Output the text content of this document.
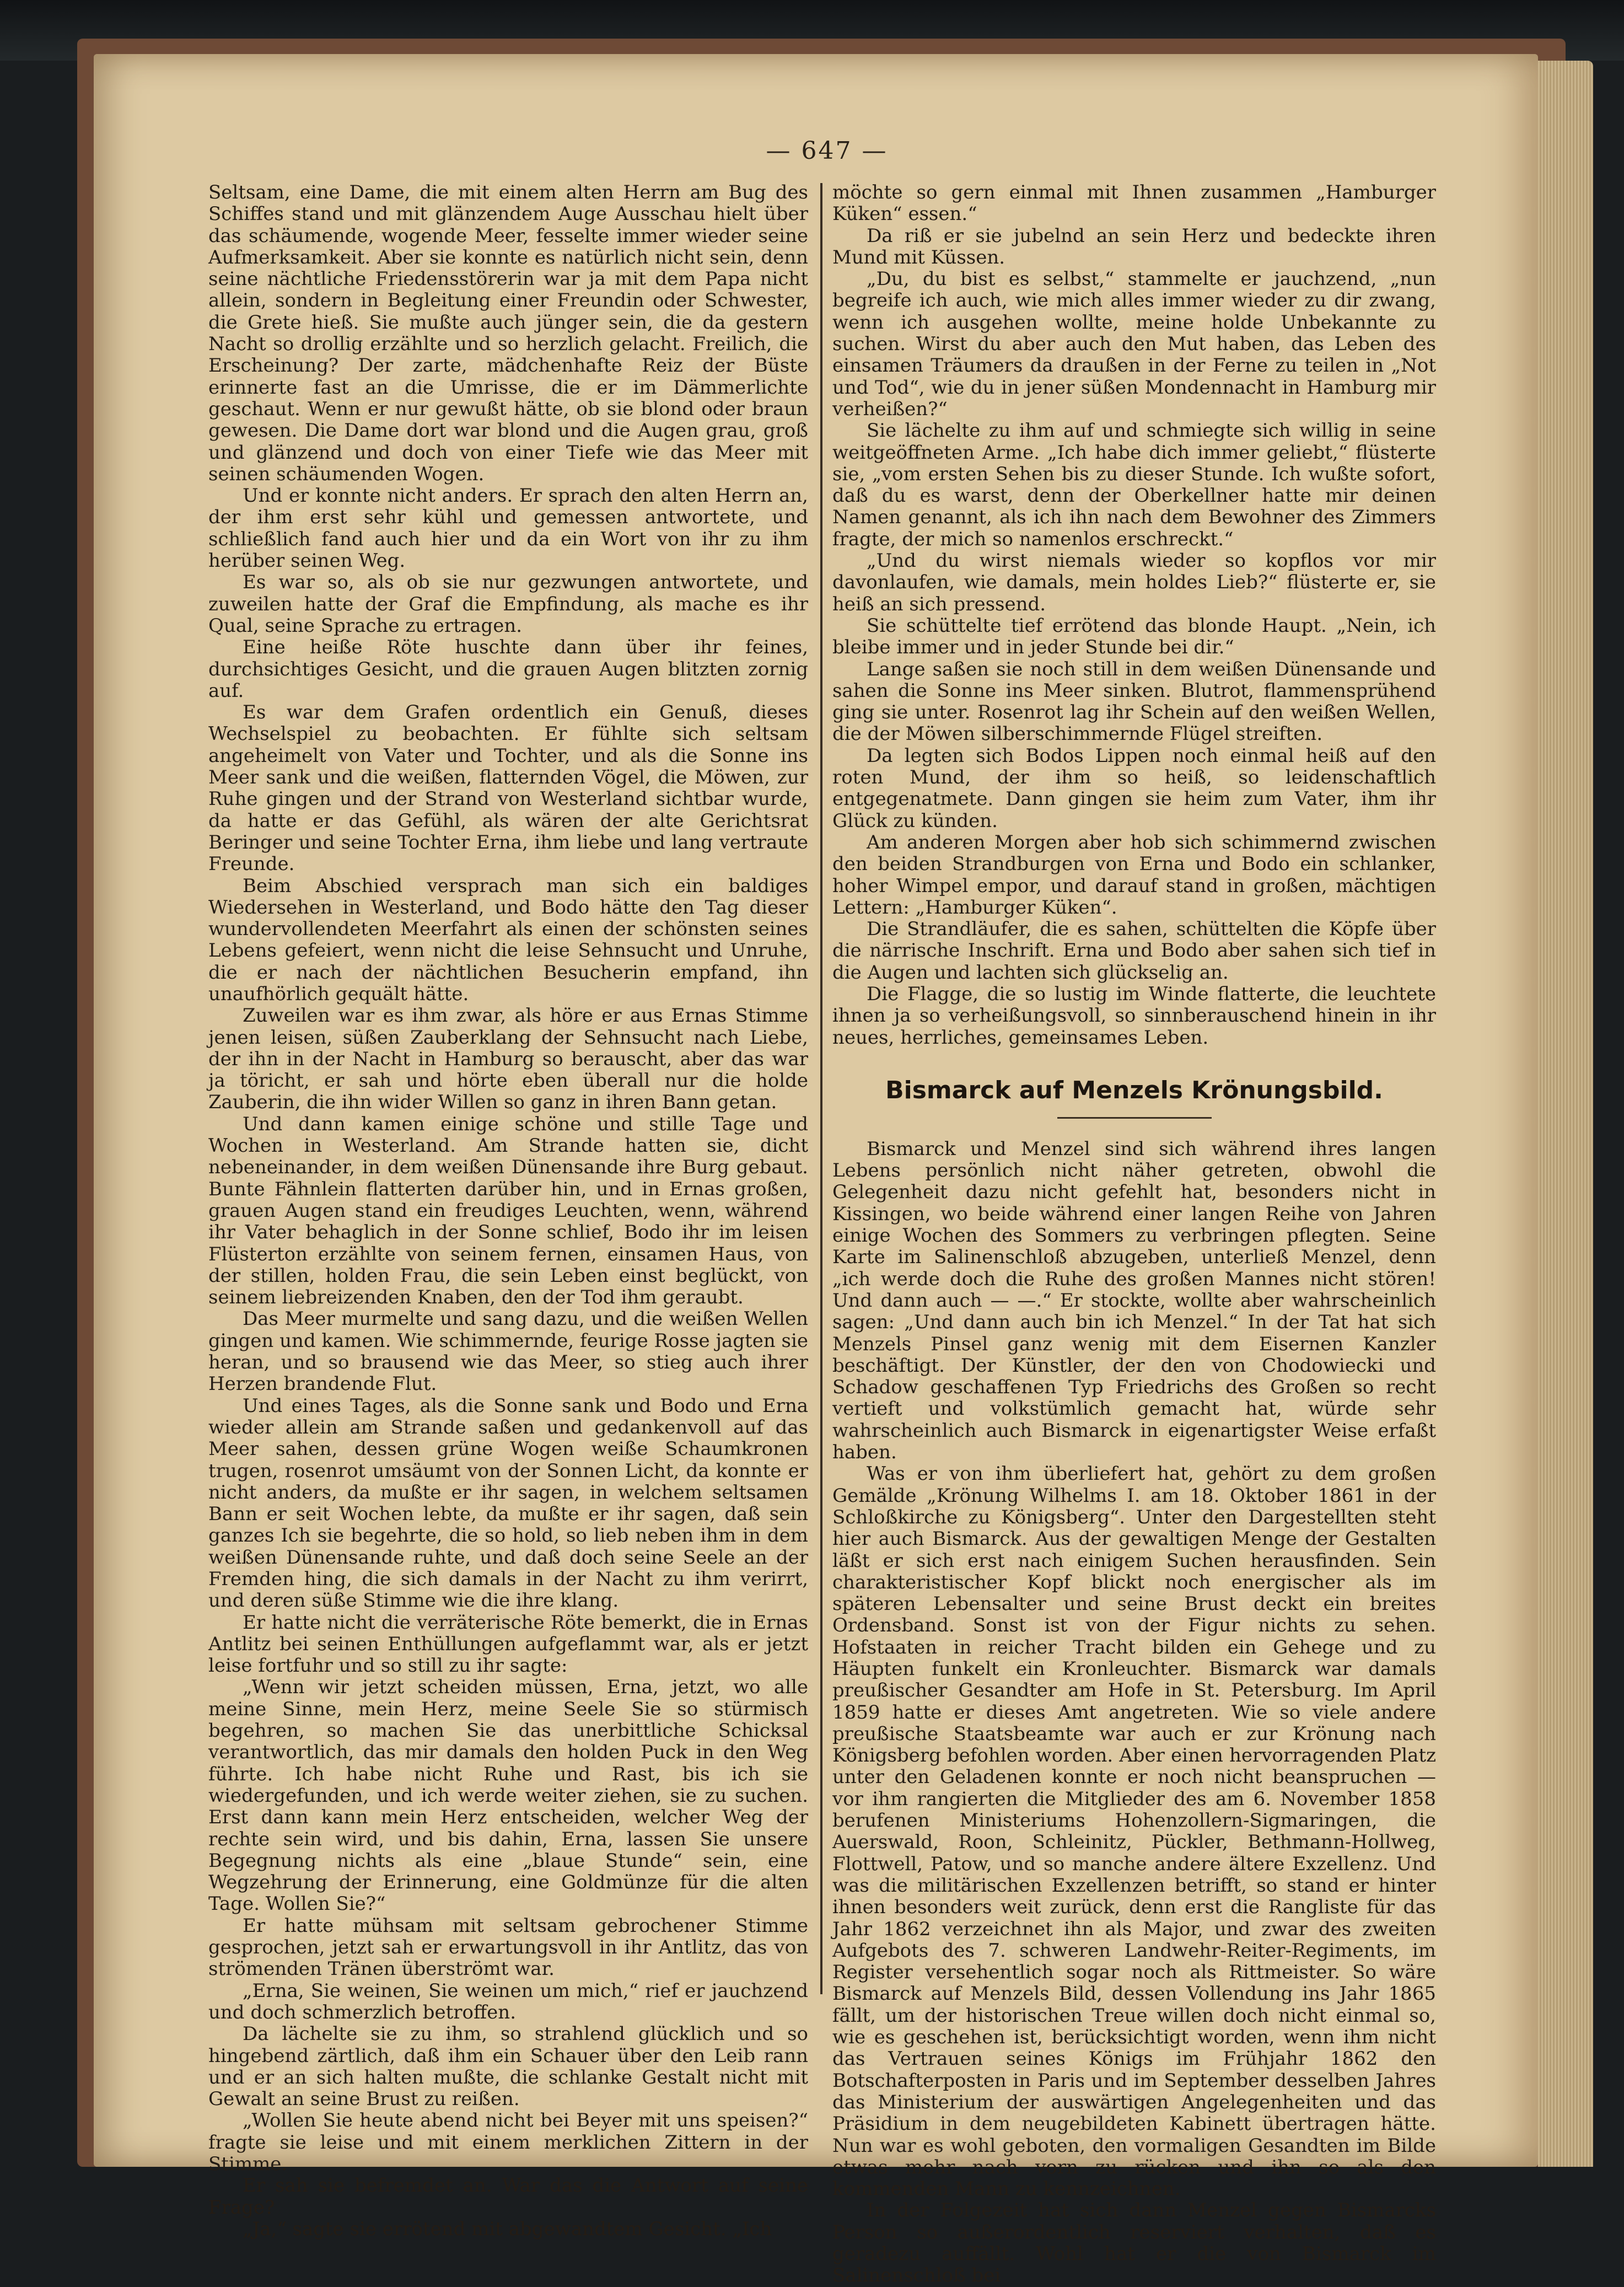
— 647 —

Seltsam, eine Dame, die mit einem alten Herrn am Bug des Schiffes stand und mit glänzendem Auge Ausschau hielt über das schäumende, wogende Meer, fesselte immer wieder seine Aufmerksamkeit. Aber sie konnte es natürlich nicht sein, denn seine nächtliche Friedensstörerin war ja mit dem Papa nicht allein, sondern in Begleitung einer Freundin oder Schwester, die Grete hieß. Sie mußte auch jünger sein, die da gestern Nacht so drollig erzählte und so herzlich gelacht. Freilich, die Erscheinung? Der zarte, mädchenhafte Reiz der Büste erinnerte fast an die Umrisse, die er im Dämmerlichte geschaut. Wenn er nur gewußt hätte, ob sie blond oder braun gewesen. Die Dame dort war blond und die Augen grau, groß und glänzend und doch von einer Tiefe wie das Meer mit seinen schäumenden Wogen.

Und er konnte nicht anders. Er sprach den alten Herrn an, der ihm erst sehr kühl und gemessen antwortete, und schließlich fand auch hier und da ein Wort von ihr zu ihm herüber seinen Weg.

Es war so, als ob sie nur gezwungen antwortete, und zuweilen hatte der Graf die Empfindung, als mache es ihr Qual, seine Sprache zu ertragen.

Eine heiße Röte huschte dann über ihr feines, durchsichtiges Gesicht, und die grauen Augen blitzten zornig auf.

Es war dem Grafen ordentlich ein Genuß, dieses Wechselspiel zu beobachten. Er fühlte sich seltsam angeheimelt von Vater und Tochter, und als die Sonne ins Meer sank und die weißen, flatternden Vögel, die Möwen, zur Ruhe gingen und der Strand von Westerland sichtbar wurde, da hatte er das Gefühl, als wären der alte Gerichtsrat Beringer und seine Tochter Erna, ihm liebe und lang vertraute Freunde.

Beim Abschied versprach man sich ein baldiges Wiedersehen in Westerland, und Bodo hätte den Tag dieser wundervollendeten Meerfahrt als einen der schönsten seines Lebens gefeiert, wenn nicht die leise Sehnsucht und Unruhe, die er nach der nächtlichen Besucherin empfand, ihn unaufhörlich gequält hätte.

Zuweilen war es ihm zwar, als höre er aus Ernas Stimme jenen leisen, süßen Zauberklang der Sehnsucht nach Liebe, der ihn in der Nacht in Hamburg so berauscht, aber das war ja töricht, er sah und hörte eben überall nur die holde Zauberin, die ihn wider Willen so ganz in ihren Bann getan.

Und dann kamen einige schöne und stille Tage und Wochen in Westerland. Am Strande hatten sie, dicht nebeneinander, in dem weißen Dünensande ihre Burg gebaut. Bunte Fähnlein flatterten darüber hin, und in Ernas großen, grauen Augen stand ein freudiges Leuchten, wenn, während ihr Vater behaglich in der Sonne schlief, Bodo ihr im leisen Flüsterton erzählte von seinem fernen, einsamen Haus, von der stillen, holden Frau, die sein Leben einst beglückt, von seinem liebreizenden Knaben, den der Tod ihm geraubt.

Das Meer murmelte und sang dazu, und die weißen Wellen gingen und kamen. Wie schimmernde, feurige Rosse jagten sie heran, und so brausend wie das Meer, so stieg auch ihrer Herzen brandende Flut.

Und eines Tages, als die Sonne sank und Bodo und Erna wieder allein am Strande saßen und gedankenvoll auf das Meer sahen, dessen grüne Wogen weiße Schaumkronen trugen, rosenrot umsäumt von der Sonnen Licht, da konnte er nicht anders, da mußte er ihr sagen, in welchem seltsamen Bann er seit Wochen lebte, da mußte er ihr sagen, daß sein ganzes Ich sie begehrte, die so hold, so lieb neben ihm in dem weißen Dünensande ruhte, und daß doch seine Seele an der Fremden hing, die sich damals in der Nacht zu ihm verirrt, und deren süße Stimme wie die ihre klang.

Er hatte nicht die verräterische Röte bemerkt, die in Ernas Antlitz bei seinen Enthüllungen aufgeflammt war, als er jetzt leise fortfuhr und so still zu ihr sagte:

„Wenn wir jetzt scheiden müssen, Erna, jetzt, wo alle meine Sinne, mein Herz, meine Seele Sie so stürmisch begehren, so machen Sie das unerbittliche Schicksal verantwortlich, das mir damals den holden Puck in den Weg führte. Ich habe nicht Ruhe und Rast, bis ich sie wiedergefunden, und ich werde weiter ziehen, sie zu suchen. Erst dann kann mein Herz entscheiden, welcher Weg der rechte sein wird, und bis dahin, Erna, lassen Sie unsere Begegnung nichts als eine „blaue Stunde“ sein, eine Wegzehrung der Erinnerung, eine Goldmünze für die alten Tage. Wollen Sie?“

Er hatte mühsam mit seltsam gebrochener Stimme gesprochen, jetzt sah er erwartungsvoll in ihr Antlitz, das von strömenden Tränen überströmt war.

„Erna, Sie weinen, Sie weinen um mich,“ rief er jauchzend und doch schmerzlich betroffen.

Da lächelte sie zu ihm, so strahlend glücklich und so hingebend zärtlich, daß ihm ein Schauer über den Leib rann und er an sich halten mußte, die schlanke Gestalt nicht mit Gewalt an seine Brust zu reißen.

„Wollen Sie heute abend nicht bei Beyer mit uns speisen?“ fragte sie leise und mit einem merklichen Zittern in der Stimme.

Er sah sie befremdet an. War das die Antwort auf seine Frage?

„Ja,“ sagte sie errötend mit abgewandtem Gesicht. „Ich

möchte so gern einmal mit Ihnen zusammen „Hamburger Küken“ essen.“

Da riß er sie jubelnd an sein Herz und bedeckte ihren Mund mit Küssen.

„Du, du bist es selbst,“ stammelte er jauchzend, „nun begreife ich auch, wie mich alles immer wieder zu dir zwang, wenn ich ausgehen wollte, meine holde Unbekannte zu suchen. Wirst du aber auch den Mut haben, das Leben des einsamen Träumers da draußen in der Ferne zu teilen in „Not und Tod“, wie du in jener süßen Mondennacht in Hamburg mir verheißen?“

Sie lächelte zu ihm auf und schmiegte sich willig in seine weitgeöffneten Arme. „Ich habe dich immer geliebt,“ flüsterte sie, „vom ersten Sehen bis zu dieser Stunde. Ich wußte sofort, daß du es warst, denn der Oberkellner hatte mir deinen Namen genannt, als ich ihn nach dem Bewohner des Zimmers fragte, der mich so namenlos erschreckt.“

„Und du wirst niemals wieder so kopflos vor mir davonlaufen, wie damals, mein holdes Lieb?“ flüsterte er, sie heiß an sich pressend.

Sie schüttelte tief errötend das blonde Haupt. „Nein, ich bleibe immer und in jeder Stunde bei dir.“

Lange saßen sie noch still in dem weißen Dünensande und sahen die Sonne ins Meer sinken. Blutrot, flammensprühend ging sie unter. Rosenrot lag ihr Schein auf den weißen Wellen, die der Möwen silberschimmernde Flügel streiften.

Da legten sich Bodos Lippen noch einmal heiß auf den roten Mund, der ihm so heiß, so leidenschaftlich entgegenatmete. Dann gingen sie heim zum Vater, ihm ihr Glück zu künden.

Am anderen Morgen aber hob sich schimmernd zwischen den beiden Strandburgen von Erna und Bodo ein schlanker, hoher Wimpel empor, und darauf stand in großen, mächtigen Lettern: „Hamburger Küken“.

Die Strandläufer, die es sahen, schüttelten die Köpfe über die närrische Inschrift. Erna und Bodo aber sahen sich tief in die Augen und lachten sich glückselig an.

Die Flagge, die so lustig im Winde flatterte, die leuchtete ihnen ja so verheißungsvoll, so sinnberauschend hinein in ihr neues, herrliches, gemeinsames Leben.

Bismarck auf Menzels Krönungsbild.

Bismarck und Menzel sind sich während ihres langen Lebens persönlich nicht näher getreten, obwohl die Gelegenheit dazu nicht gefehlt hat, besonders nicht in Kissingen, wo beide während einer langen Reihe von Jahren einige Wochen des Sommers zu verbringen pflegten. Seine Karte im Salinenschloß abzugeben, unterließ Menzel, denn „ich werde doch die Ruhe des großen Mannes nicht stören! Und dann auch — —.“ Er stockte, wollte aber wahrscheinlich sagen: „Und dann auch bin ich Menzel.“ In der Tat hat sich Menzels Pinsel ganz wenig mit dem Eisernen Kanzler beschäftigt. Der Künstler, der den von Chodowiecki und Schadow geschaffenen Typ Friedrichs des Großen so recht vertieft und volkstümlich gemacht hat, würde sehr wahrscheinlich auch Bismarck in eigenartigster Weise erfaßt haben.

Was er von ihm überliefert hat, gehört zu dem großen Gemälde „Krönung Wilhelms I. am 18. Oktober 1861 in der Schloßkirche zu Königsberg“. Unter den Dargestellten steht hier auch Bismarck. Aus der gewaltigen Menge der Gestalten läßt er sich erst nach einigem Suchen herausfinden. Sein charakteristischer Kopf blickt noch energischer als im späteren Lebensalter und seine Brust deckt ein breites Ordensband. Sonst ist von der Figur nichts zu sehen. Hofstaaten in reicher Tracht bilden ein Gehege und zu Häupten funkelt ein Kronleuchter. Bismarck war damals preußischer Gesandter am Hofe in St. Petersburg. Im April 1859 hatte er dieses Amt angetreten. Wie so viele andere preußische Staatsbeamte war auch er zur Krönung nach Königsberg befohlen worden. Aber einen hervorragenden Platz unter den Geladenen konnte er noch nicht beanspruchen — vor ihm rangierten die Mitglieder des am 6. November 1858 berufenen Ministeriums Hohenzollern-Sigmaringen, die Auerswald, Roon, Schleinitz, Pückler, Bethmann-Hollweg, Flottwell, Patow, und so manche andere ältere Exzellenz. Und was die militärischen Exzellenzen betrifft, so stand er hinter ihnen besonders weit zurück, denn erst die Rangliste für das Jahr 1862 verzeichnet ihn als Major, und zwar des zweiten Aufgebots des 7. schweren Landwehr-Reiter-Regiments, im Register versehentlich sogar noch als Rittmeister. So wäre Bismarck auf Menzels Bild, dessen Vollendung ins Jahr 1865 fällt, um der historischen Treue willen doch nicht einmal so, wie es geschehen ist, berücksichtigt worden, wenn ihm nicht das Vertrauen seines Königs im Frühjahr 1862 den Botschafterposten in Paris und im September desselben Jahres das Ministerium der auswärtigen Angelegenheiten und das Präsidium in dem neugebildeten Kabinett übertragen hätte. Nun war es wohl geboten, den vormaligen Gesandten im Bilde etwas mehr nach vorn zu rücken und ihn so als den kommenden Mann zu kennzeichnen.

In der Folgezeit hat sich dann Menzel gegen Bismarcks Person so außerordentlich reserviert verhalten, daß es geradezu auffällt. Wohl hat er die von Bismarck im Salinenschloß bei
